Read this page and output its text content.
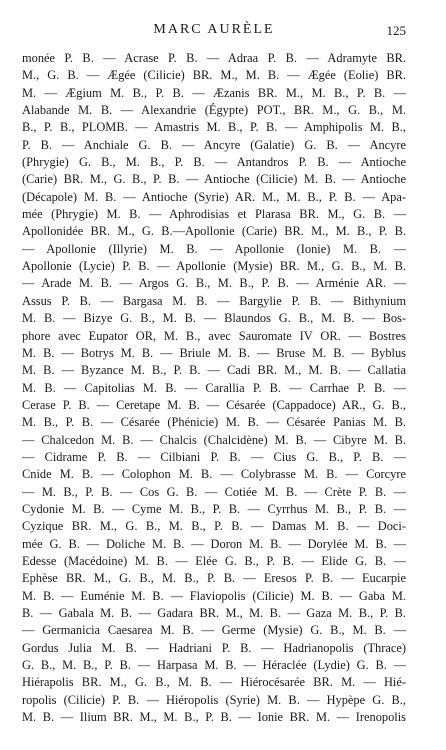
MARC AURÈLE	125
monée P. B. — Acrase P. B. — Adraa P. B. — Adramyte BR.
M., G. B. — Ægée (Cilicie) BR. M., M. B. — Ægée (Eolie) BR.
M. — Ægium M. B., P. B. — Æzanis BR. M., M. B., P. B. —
Alabande M. B. — Alexandrie (Égypte) POT., BR. M., G. B., M.
B., P. B., PLOMB. — Amastris M. B., P. B. — Amphipolis M. B.,
P. B. — Anchiale G. B. — Ancyre (Galatie) G. B. — Ancyre
(Phrygie) G. B., M. B., P. B. — Antandros P. B. — Antioche
(Carie) BR. M., G. B., P. B. — Antioche (Cilicie) M. B. — Antioche
(Décapole) M. B. — Antioche (Syrie) AR. M., M. B., P. B. — Apa-
mée (Phrygie) M. B. — Aphrodisias et Plarasa BR. M., G. B. —
Apollonidée BR. M., G. B.—Apollonie (Carie) BR. M., M. B., P. B.
— Apollonie (Illyrie) M. B. — Apollonie (Ionie) M. B. —
Apollonie (Lycie) P. B. — Apollonie (Mysie) BR. M., G. B., M. B.
— Arade M. B. — Argos G. B., M. B., P. B. — Arménie AR. —
Assus P. B. — Bargasa M. B. — Bargylie P. B. — Bithynium
M. B. — Bizye G. B., M. B. — Blaundos G. B., M. B. — Bos-
phore avec Eupator OR, M. B., avec Sauromate IV OR. — Bostres
M. B. — Botrys M. B. — Briule M. B. — Bruse M. B. — Byblus
M. B. — Byzance M. B., P. B. — Cadi BR. M., M. B. — Callatia
M. B. — Capitolias M. B. — Carallia P. B. — Carrhae P. B. —
Cerase P. B. — Ceretape M. B. — Césarée (Cappadoce) AR., G. B.,
M. B., P. B. — Césarée (Phénicie) M. B. — Césarée Panias M. B.
— Chalcedon M. B. — Chalcis (Chalcidène) M. B. — Cibyre M. B.
— Cidrame P. B. — Cilbiani P. B. — Cius G. B., P. B. —
Cnide M. B. — Colophon M. B. — Colybrasse M. B. — Corcyre
— M. B., P. B. — Cos G. B. — Cotiée M. B. — Crète P. B. —
Cydonie M. B. — Cyme M. B., P. B. — Cyrrhus M. B., P. B. —
Cyzique BR. M., G. B., M. B., P. B. — Damas M. B. — Doci-
mée G. B. — Doliche M. B. — Doron M. B. — Dorylée M. B. —
Edesse (Macédoine) M. B. — Elée G. B., P. B. — Elide G. B. —
Ephèse BR. M., G. B., M. B., P. B. — Eresos P. B. — Eucarpie
M. B. — Euménie M. B. — Flaviopolis (Cilicie) M. B. — Gaba M.
B. — Gabala M. B. — Gadara BR. M., M. B. — Gaza M. B., P. B.
— Germanicia Caesarea M. B. — Germe (Mysie) G. B., M. B. —
Gordus Julia M. B. — Hadriani P. B. — Hadrianopolis (Thrace)
G. B., M. B., P. B. — Harpasa M. B. — Héraclée (Lydie) G. B. —
Hiérapolis BR. M., G. B., M. B. — Hiérocésarée BR. M. — Hié-
ropolis (Cilicie) P. B. — Hiéropolis (Syrie) M. B. — Hypèpe G. B.,
M. B. — Ilium BR. M., M. B., P. B. — Ionie BR. M. — Irenopolis
